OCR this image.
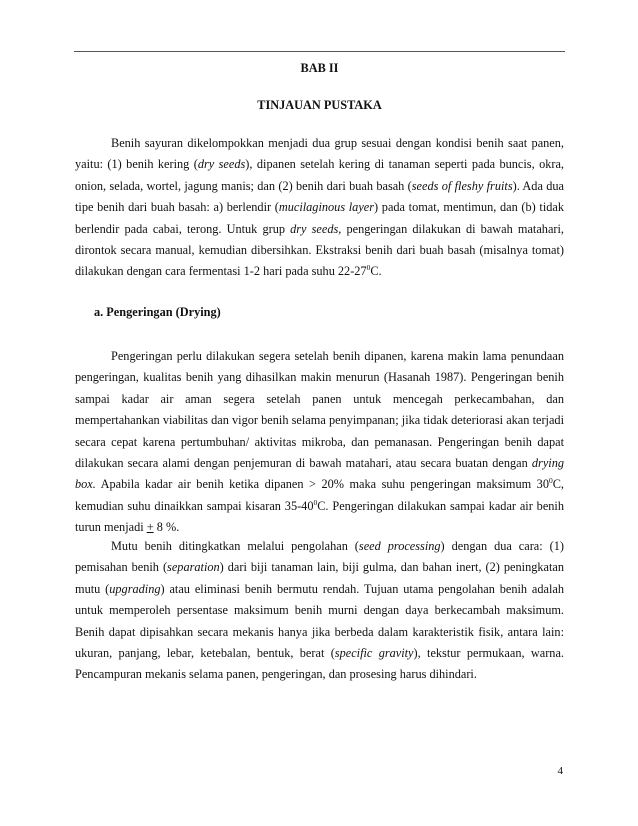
BAB II
TINJAUAN PUSTAKA

Benih sayuran dikelompokkan menjadi dua grup sesuai dengan kondisi benih saat panen, yaitu: (1) benih kering (dry seeds), dipanen setelah kering di tanaman seperti pada buncis, okra, onion, selada, wortel, jagung manis; dan (2) benih dari buah basah (seeds of fleshy fruits). Ada dua tipe benih dari buah basah: a) berlendir (mucilaginous layer) pada tomat, mentimun, dan (b) tidak berlendir pada cabai, terong. Untuk grup dry seeds, pengeringan dilakukan di bawah matahari, dirontok secara manual, kemudian dibersihkan. Ekstraksi benih dari buah basah (misalnya tomat) dilakukan dengan cara fermentasi 1-2 hari pada suhu $22-27^0C$.

a. Pengeringan (Drying)

Pengeringan perlu dilakukan segera setelah benih dipanen, karena makin lama penundaan pengeringan, kualitas benih yang dihasilkan makin menurun (Hasanah 1987). Pengeringan benih sampai kadar air aman segera setelah panen untuk mencegah perkecambahan, dan mempertahankan viabilitas dan vigor benih selama penyimpanan; jika tidak deteriorasi akan terjadi secara cepat karena pertumbuhan/ aktivitas mikroba, dan pemanasan. Pengeringan benih dapat dilakukan secara alami dengan penjemuran di bawah matahari, atau secara buatan dengan drying box. Apabila kadar air benih ketika dipanen > 20% maka suhu pengeringan maksimum $30^0C$, kemudian suhu dinaikkan sampai kisaran $35-40^0C$. Pengeringan dilakukan sampai kadar air benih turun menjadi + 8 %.

Mutu benih ditingkatkan melalui pengolahan (seed processing) dengan dua cara: (1) pemisahan benih (separation) dari biji tanaman lain, biji gulma, dan bahan inert, (2) peningkatan mutu (upgrading) atau eliminasi benih bermutu rendah. Tujuan utama pengolahan benih adalah untuk memperoleh persentase maksimum benih murni dengan daya berkecambah maksimum. Benih dapat dipisahkan secara mekanis hanya jika berbeda dalam karakteristik fisik, antara lain: ukuran, panjang, lebar, ketebalan, bentuk, berat (specific gravity), tekstur permukaan, warna. Pencampuran mekanis selama panen, pengeringan, dan prosesing harus dihindari.

4
